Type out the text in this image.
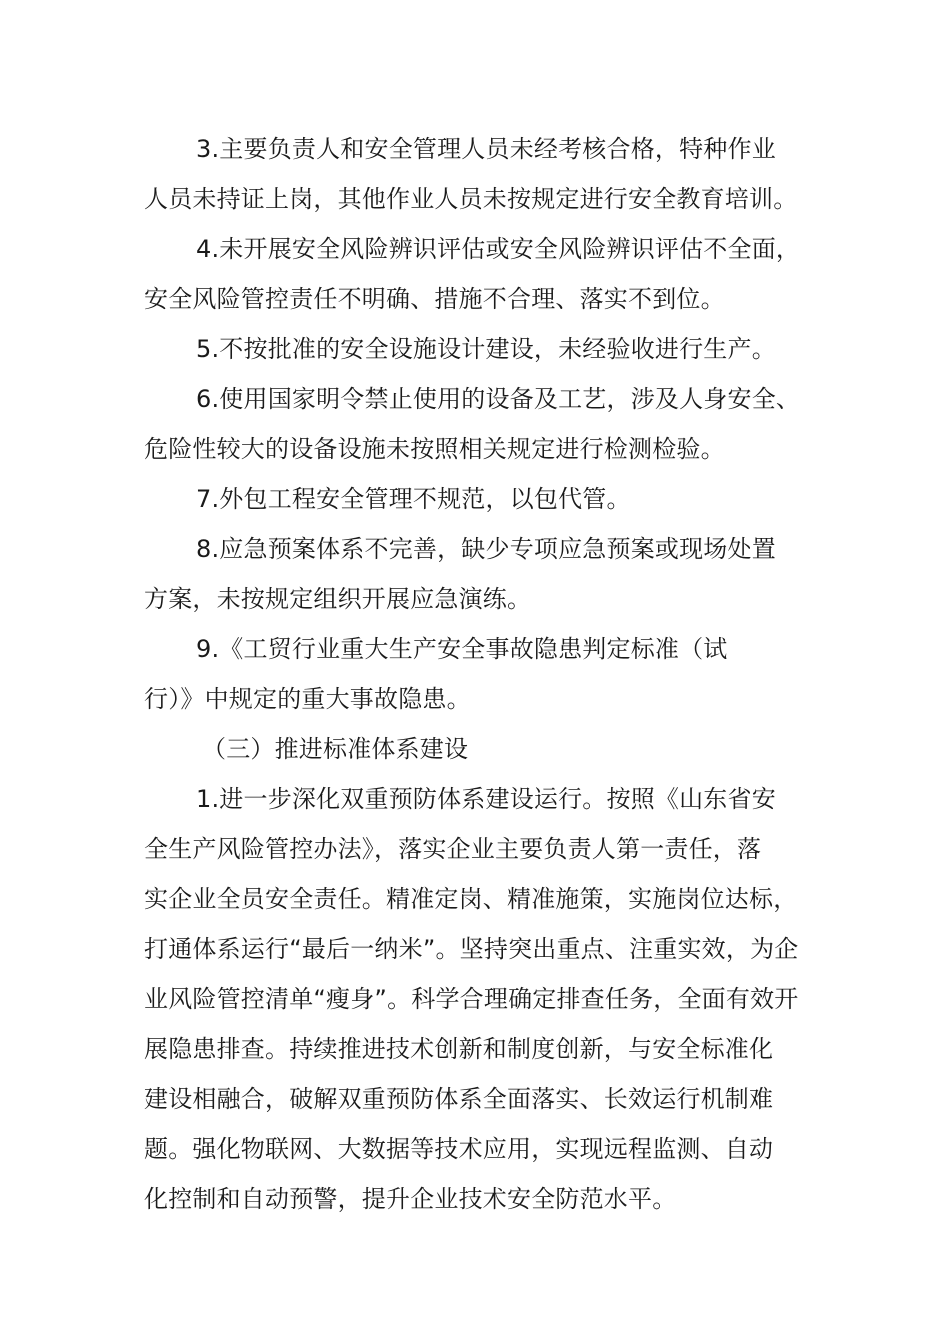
3.主要负责人和安全管理人员未经考核合格，特种作业
人员未持证上岗，其他作业人员未按规定进行安全教育培训。
4.未开展安全风险辨识评估或安全风险辨识评估不全面，
安全风险管控责任不明确、措施不合理、落实不到位。
5.不按批准的安全设施设计建设，未经验收进行生产。
6.使用国家明令禁止使用的设备及工艺，涉及人身安全、
危险性较大的设备设施未按照相关规定进行检测检验。
7.外包工程安全管理不规范，以包代管。
8.应急预案体系不完善，缺少专项应急预案或现场处置
方案，未按规定组织开展应急演练。
9.《工贸行业重大生产安全事故隐患判定标准（试
行）》中规定的重大事故隐患。
（三）推进标准体系建设
1.进一步深化双重预防体系建设运行。按照《山东省安
全生产风险管控办法》，落实企业主要负责人第一责任，落
实企业全员安全责任。精准定岗、精准施策，实施岗位达标，
打通体系运行“最后一纳米”。坚持突出重点、注重实效，为企
业风险管控清单“瘦身”。科学合理确定排查任务，全面有效开
展隐患排查。持续推进技术创新和制度创新，与安全标准化
建设相融合，破解双重预防体系全面落实、长效运行机制难
题。强化物联网、大数据等技术应用，实现远程监测、自动
化控制和自动预警，提升企业技术安全防范水平。
